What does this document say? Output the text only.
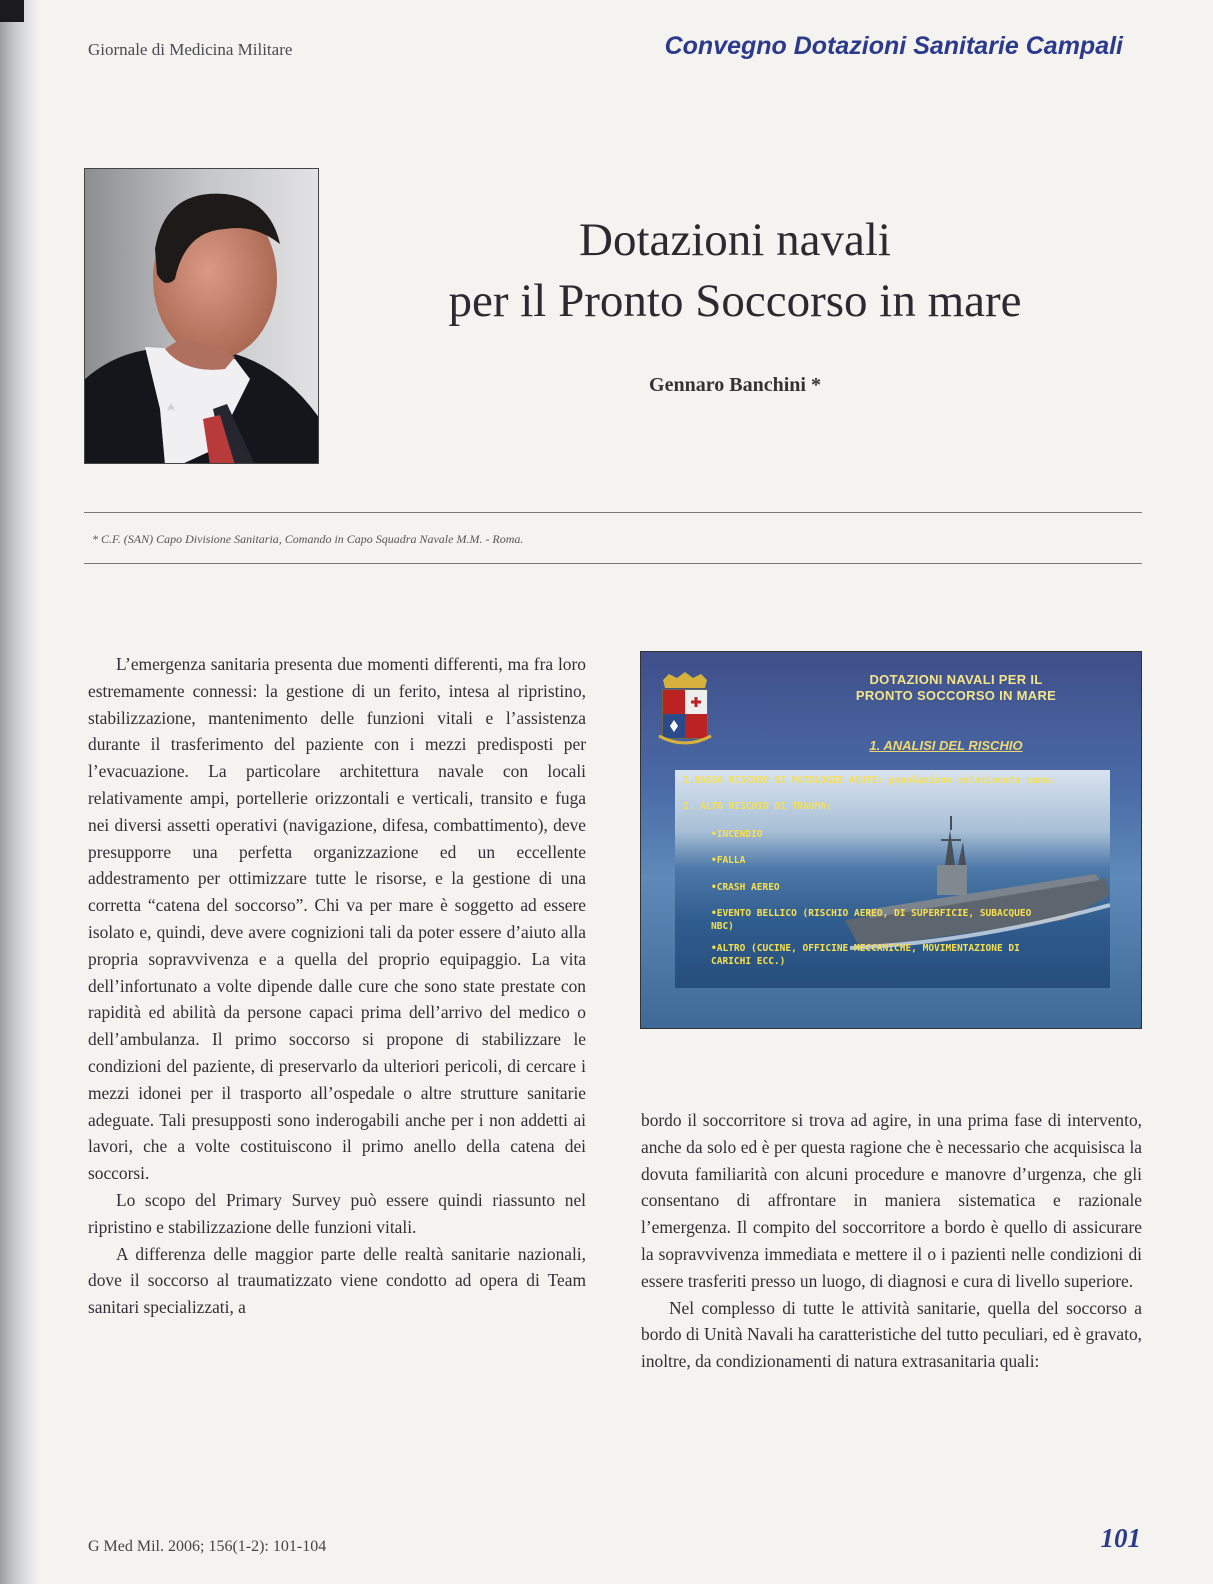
Giornale di Medicina Militare	Convegno Dotazioni Sanitarie Campali
Dotazioni navali
per il Pronto Soccorso in mare
Gennaro Banchini *
* C.F. (SAN) Capo Divisione Sanitaria, Comando in Capo Squadra Navale M.M. - Roma.

L’emergenza sanitaria presenta due momenti differenti, ma fra loro estremamente connessi: la gestione di un ferito, intesa al ripristino, stabilizzazione, mantenimento delle funzioni vitali e l’assistenza durante il trasferimento del paziente con i mezzi predisposti per l’evacuazione. La particolare architettura navale con locali relativamente ampi, portellerie orizzontali e verticali, transito e fuga nei diversi assetti operativi (navigazione, difesa, combattimento), deve presupporre una perfetta organizzazione ed un eccellente addestramento per ottimizzare tutte le risorse, e la gestione di una corretta “catena del soccorso”. Chi va per mare è soggetto ad essere isolato e, quindi, deve avere cognizioni tali da poter essere d’aiuto alla propria sopravvivenza e a quella del proprio equipaggio. La vita dell’infortunato a volte dipende dalle cure che sono state prestate con rapidità ed abilità da persone capaci prima dell’arrivo del medico o dell’ambulanza. Il primo soccorso si propone di stabilizzare le condizioni del paziente, di preservarlo da ulteriori pericoli, di cercare i mezzi idonei per il trasporto all’ospedale o altre strutture sanitarie adeguate. Tali presupposti sono inderogabili anche per i non addetti ai lavori, che a volte costituiscono il primo anello della catena dei soccorsi.

Lo scopo del Primary Survey può essere quindi riassunto nel ripristino e stabilizzazione delle funzioni vitali.

A differenza delle maggior parte delle realtà sanitarie nazionali, dove il soccorso al traumatizzato viene condotto ad opera di Team sanitari specializzati, a

DOTAZIONI NAVALI PER IL
PRONTO SOCCORSO IN MARE
1. ANALISI DEL RISCHIO
1.BASSO RISCHIO DI PATOLOGIE ACUTE: popolazione selezionata sana;
2. ALTO RISCHIO DI TRAUMA:
•INCENDIO
•FALLA
•CRASH AEREO
•EVENTO BELLICO (RISCHIO AEREO, DI SUPERFICIE, SUBACQUEO
NBC)
•ALTRO (CUCINE, OFFICINE MECCANICHE, MOVIMENTAZIONE DI
CARICHI ECC.)

bordo il soccorritore si trova ad agire, in una prima fase di intervento, anche da solo ed è per questa ragione che è necessario che acquisisca la dovuta familiarità con alcuni procedure e manovre d’urgenza, che gli consentano di affrontare in maniera sistematica e razionale l’emergenza. Il compito del soccorritore a bordo è quello di assicurare la sopravvivenza immediata e mettere il o i pazienti nelle condizioni di essere trasferiti presso un luogo, di diagnosi e cura di livello superiore.

Nel complesso di tutte le attività sanitarie, quella del soccorso a bordo di Unità Navali ha caratteristiche del tutto peculiari, ed è gravato, inoltre, da condizionamenti di natura extrasanitaria quali:

G Med Mil. 2006; 156(1-2): 101-104	101
